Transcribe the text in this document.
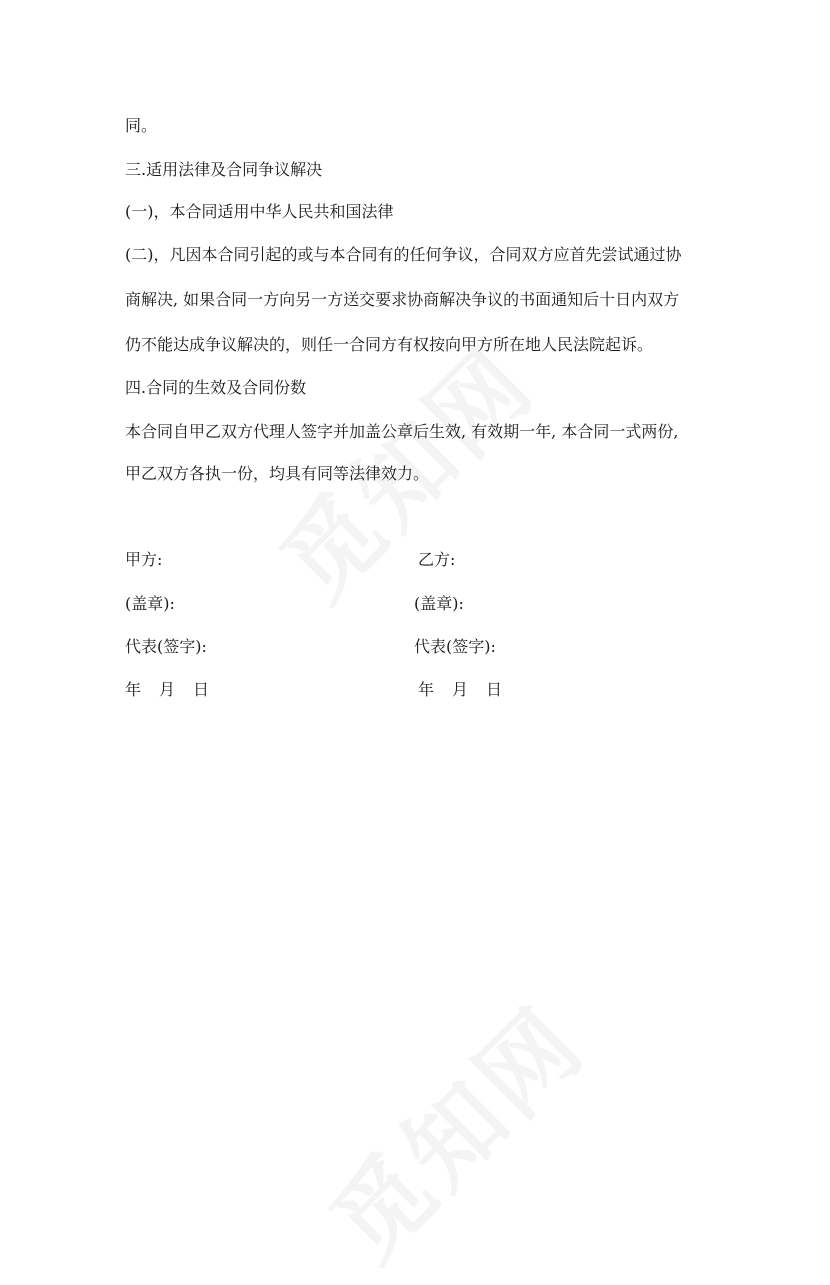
同。
三.适用法律及合同争议解决
(一)，本合同适用中华人民共和国法律
(二)，凡因本合同引起的或与本合同有的任何争议，合同双方应首先尝试通过协
商解决, 如果合同一方向另一方送交要求协商解决争议的书面通知后十日内双方
仍不能达成争议解决的，则任一合同方有权按向甲方所在地人民法院起诉。
四.合同的生效及合同份数
本合同自甲乙双方代理人签字并加盖公章后生效, 有效期一年, 本合同一式两份,
甲乙双方各执一份，均具有同等法律效力。
甲方:
(盖章):
代表(签字):
年 月 日
乙方:
(盖章):
代表(签字):
年 月 日
